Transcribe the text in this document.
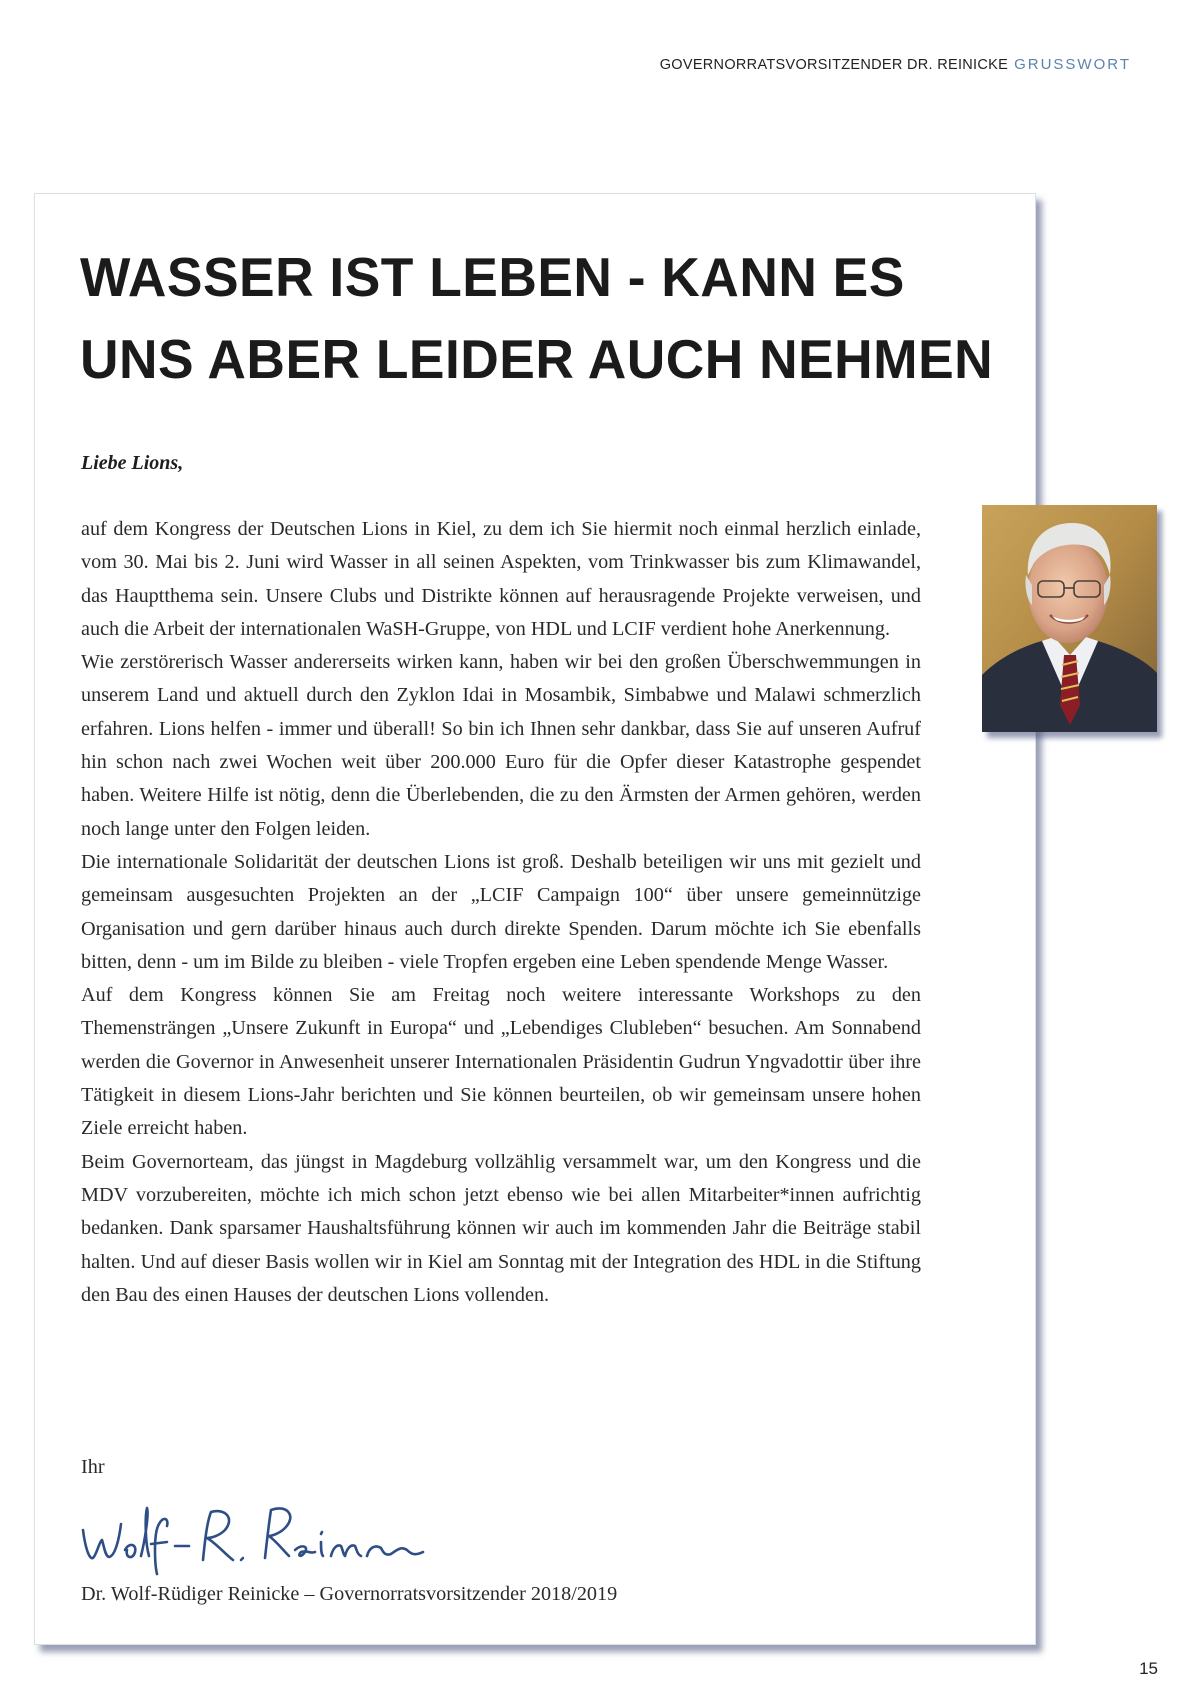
GOVERNORRATSVORSITZENDER DR. REINICKE GRUSSWORT
WASSER IST LEBEN - KANN ES
UNS ABER LEIDER AUCH NEHMEN
Liebe Lions,

auf dem Kongress der Deutschen Lions in Kiel, zu dem ich Sie hiermit noch einmal herzlich einlade, vom 30. Mai bis 2. Juni wird Wasser in all seinen Aspekten, vom Trinkwasser bis zum Klimawandel, das Hauptthema sein. Unsere Clubs und Distrikte können auf herausragende Projekte verweisen, und auch die Arbeit der internationalen WaSH-Gruppe, von HDL und LCIF verdient hohe Anerkennung.

Wie zerstörerisch Wasser andererseits wirken kann, haben wir bei den großen Überschwemmungen in unserem Land und aktuell durch den Zyklon Idai in Mosambik, Simbabwe und Malawi schmerzlich erfahren. Lions helfen - immer und überall! So bin ich Ihnen sehr dankbar, dass Sie auf unseren Aufruf hin schon nach zwei Wochen weit über 200.000 Euro für die Opfer dieser Katastrophe gespendet haben. Weitere Hilfe ist nötig, denn die Überlebenden, die zu den Ärmsten der Armen gehören, werden noch lange unter den Folgen leiden.

Die internationale Solidarität der deutschen Lions ist groß. Deshalb beteiligen wir uns mit gezielt und gemeinsam ausgesuchten Projekten an der „LCIF Campaign 100“ über unsere gemeinnützige Organisation und gern darüber hinaus auch durch direkte Spenden. Darum möchte ich Sie ebenfalls bitten, denn - um im Bilde zu bleiben - viele Tropfen ergeben eine Leben spendende Menge Wasser.

Auf dem Kongress können Sie am Freitag noch weitere interessante Workshops zu den Themensträngen „Unsere Zukunft in Europa“ und „Lebendiges Clubleben“ besuchen. Am Sonnabend werden die Governor in Anwesenheit unserer Internationalen Präsidentin Gudrun Yngvadottir über ihre Tätigkeit in diesem Lions-Jahr berichten und Sie können beurteilen, ob wir gemeinsam unsere hohen Ziele erreicht haben.

Beim Governorteam, das jüngst in Magdeburg vollzählig versammelt war, um den Kongress und die MDV vorzubereiten, möchte ich mich schon jetzt ebenso wie bei allen Mitarbeiter*innen aufrichtig bedanken. Dank sparsamer Haushaltsführung können wir auch im kommenden Jahr die Beiträge stabil halten. Und auf dieser Basis wollen wir in Kiel am Sonntag mit der Integration des HDL in die Stiftung den Bau des einen Hauses der deutschen Lions vollenden.

Ihr
Dr. Wolf-Rüdiger Reinicke – Governorratsvorsitzender 2018/2019
15
